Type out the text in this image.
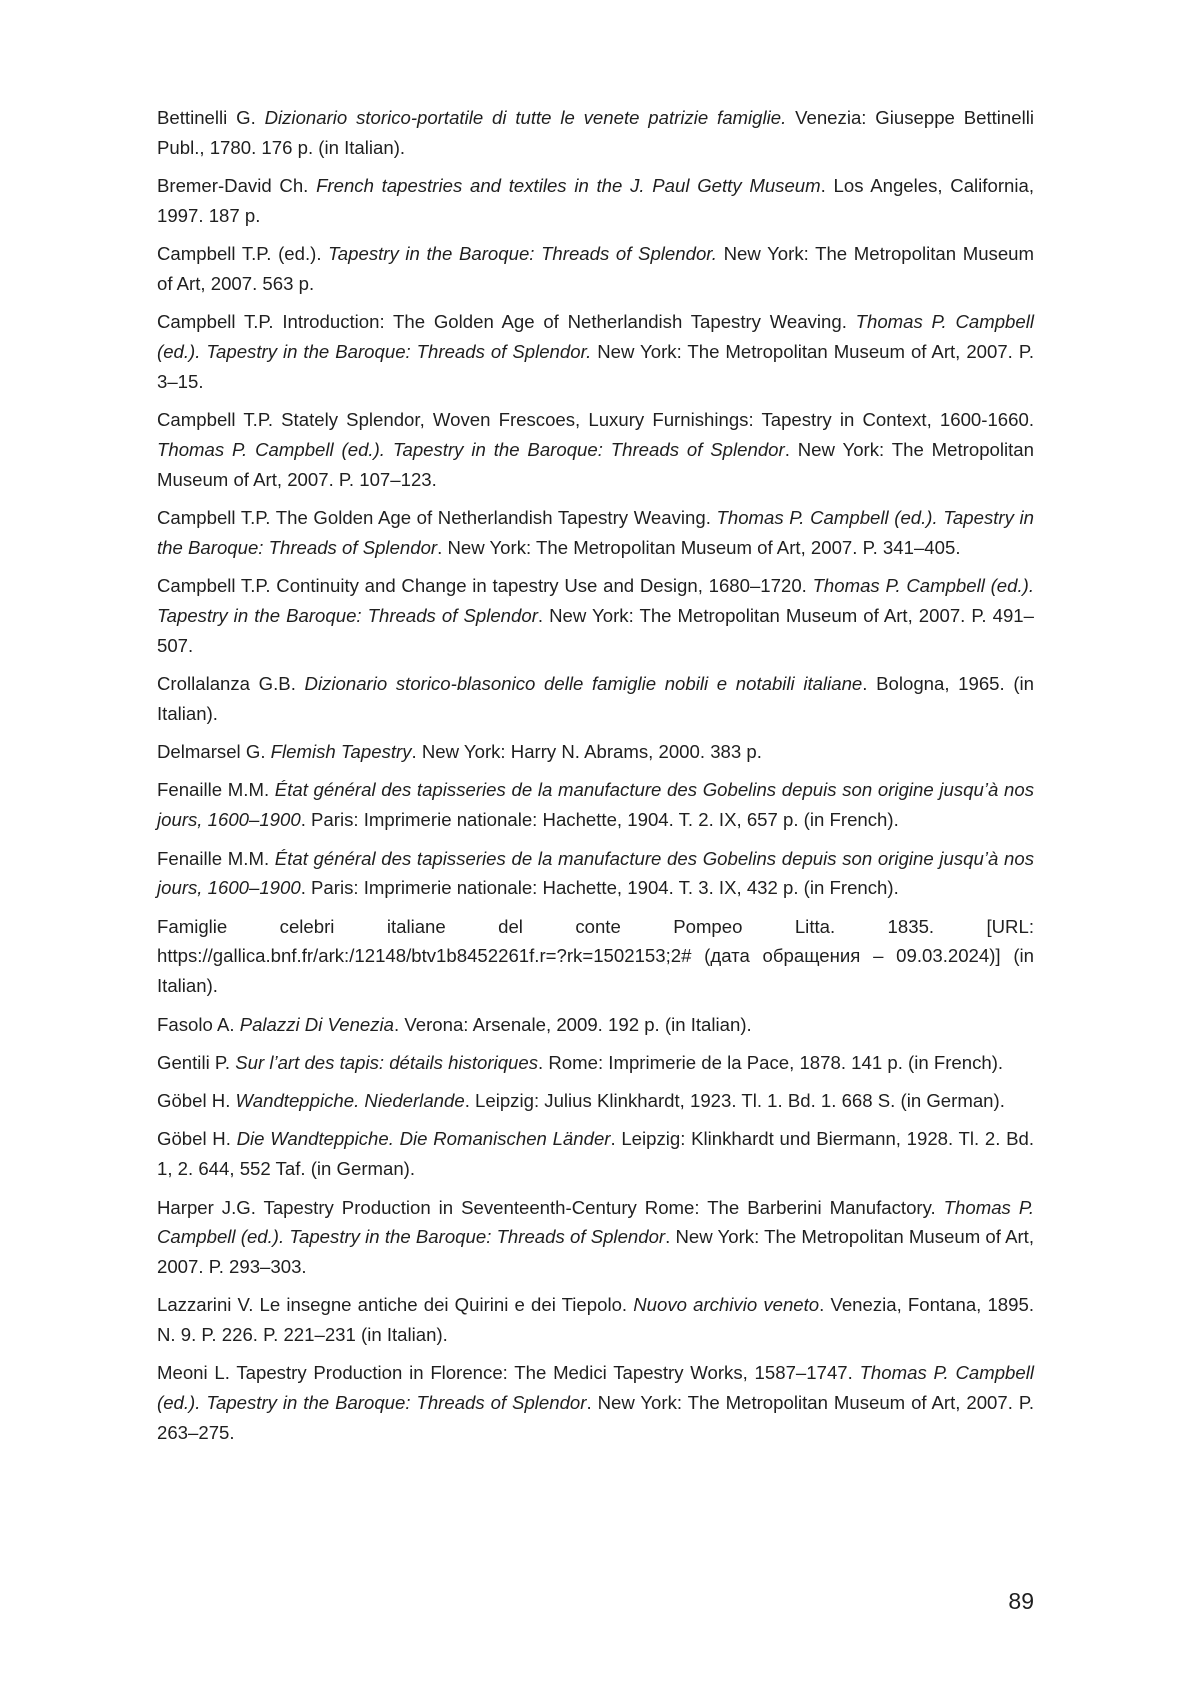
Bettinelli G. Dizionario storico-portatile di tutte le venete patrizie famiglie. Venezia: Giuseppe Bettinelli Publ., 1780. 176 p. (in Italian).

Bremer-David Ch. French tapestries and textiles in the J. Paul Getty Museum. Los Angeles, California, 1997. 187 p.

Campbell T.P. (ed.). Tapestry in the Baroque: Threads of Splendor. New York: The Metropolitan Museum of Art, 2007. 563 p.

Campbell T.P. Introduction: The Golden Age of Netherlandish Tapestry Weaving. Thomas P. Campbell (ed.). Tapestry in the Baroque: Threads of Splendor. New York: The Metropolitan Museum of Art, 2007. P. 3–15.

Campbell T.P. Stately Splendor, Woven Frescoes, Luxury Furnishings: Tapestry in Context, 1600-1660. Thomas P. Campbell (ed.). Tapestry in the Baroque: Threads of Splendor. New York: The Metropolitan Museum of Art, 2007. P. 107–123.

Campbell T.P. The Golden Age of Netherlandish Tapestry Weaving. Thomas P. Campbell (ed.). Tapestry in the Baroque: Threads of Splendor. New York: The Metropolitan Museum of Art, 2007. P. 341–405.

Campbell T.P. Continuity and Change in tapestry Use and Design, 1680–1720. Thomas P. Campbell (ed.). Tapestry in the Baroque: Threads of Splendor. New York: The Metropolitan Museum of Art, 2007. P. 491–507.

Crollalanza G.B. Dizionario storico-blasonico delle famiglie nobili e notabili italiane. Bologna, 1965. (in Italian).

Delmarsel G. Flemish Tapestry. New York: Harry N. Abrams, 2000. 383 p.

Fenaille M.M. État général des tapisseries de la manufacture des Gobelins depuis son origine jusqu’à nos jours, 1600–1900. Paris: Imprimerie nationale: Hachette, 1904. T. 2. IX, 657 p. (in French).

Fenaille M.M. État général des tapisseries de la manufacture des Gobelins depuis son origine jusqu’à nos jours, 1600–1900. Paris: Imprimerie nationale: Hachette, 1904. T. 3. IX, 432 p. (in French).

Famiglie celebri italiane del conte Pompeo Litta. 1835. [URL: https://gallica.bnf.fr/ark:/12148/btv1b8452261f.r=?rk=1502153;2# (дата обращения – 09.03.2024)] (in Italian).

Fasolo A. Palazzi Di Venezia. Verona: Arsenale, 2009. 192 p. (in Italian).

Gentili P. Sur l’art des tapis: détails historiques. Rome: Imprimerie de la Pace, 1878. 141 p. (in French).

Göbel H. Wandteppiche. Niederlande. Leipzig: Julius Klinkhardt, 1923. Tl. 1. Bd. 1. 668 S. (in German).

Göbel H. Die Wandteppiche. Die Romanischen Länder. Leipzig: Klinkhardt und Biermann, 1928. Tl. 2. Bd. 1, 2. 644, 552 Taf. (in German).

Harper J.G. Tapestry Production in Seventeenth-Century Rome: The Barberini Manufactory. Thomas P. Campbell (ed.). Tapestry in the Baroque: Threads of Splendor. New York: The Metropolitan Museum of Art, 2007. P. 293–303.

Lazzarini V. Le insegne antiche dei Quirini e dei Tiepolo. Nuovo archivio veneto. Venezia, Fontana, 1895. N. 9. P. 226. P. 221–231 (in Italian).

Meoni L. Tapestry Production in Florence: The Medici Tapestry Works, 1587–1747. Thomas P. Campbell (ed.). Tapestry in the Baroque: Threads of Splendor. New York: The Metropolitan Museum of Art, 2007. P. 263–275.

89
